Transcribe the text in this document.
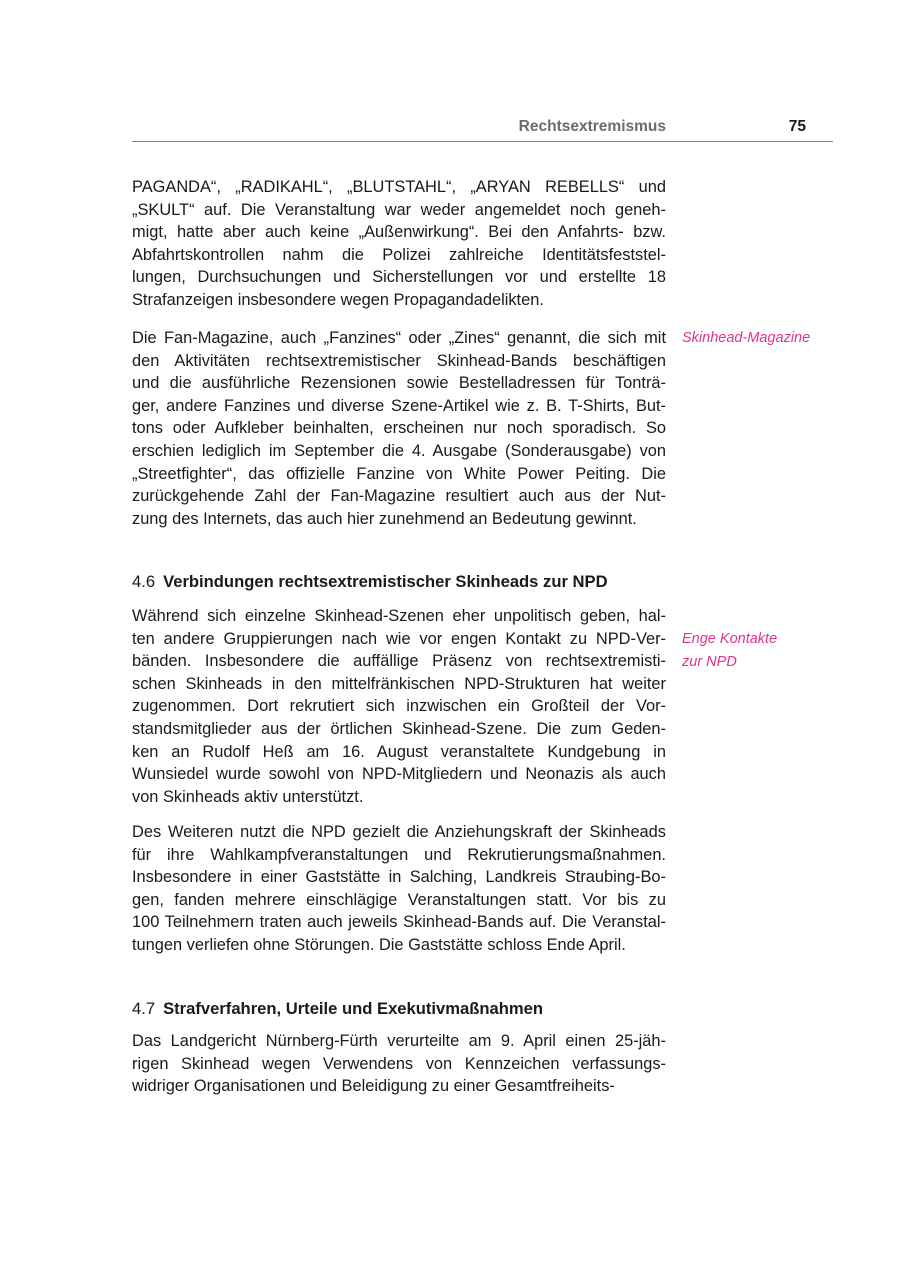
Rechtsextremismus	75
PAGANDA“, „RADIKAHL“, „BLUTSTAHL“, „ARYAN REBELLS“ und
„SKULT“ auf. Die Veranstaltung war weder angemeldet noch geneh-
migt, hatte aber auch keine „Außenwirkung“. Bei den Anfahrts- bzw.
Abfahrtskontrollen nahm die Polizei zahlreiche Identitätsfeststel-
lungen, Durchsuchungen und Sicherstellungen vor und erstellte 18
Strafanzeigen insbesondere wegen Propagandadelikten.
Die Fan-Magazine, auch „Fanzines“ oder „Zines“ genannt, die sich mit
den Aktivitäten rechtsextremistischer Skinhead-Bands beschäftigen
und die ausführliche Rezensionen sowie Bestelladressen für Tonträ-
ger, andere Fanzines und diverse Szene-Artikel wie z. B. T-Shirts, But-
tons oder Aufkleber beinhalten, erscheinen nur noch sporadisch. So
erschien lediglich im September die 4. Ausgabe (Sonderausgabe) von
„Streetfighter“, das offizielle Fanzine von White Power Peiting. Die
zurückgehende Zahl der Fan-Magazine resultiert auch aus der Nut-
zung des Internets, das auch hier zunehmend an Bedeutung gewinnt.
Skinhead-Magazine
4.6 Verbindungen rechtsextremistischer Skinheads zur NPD
Während sich einzelne Skinhead-Szenen eher unpolitisch geben, hal-
ten andere Gruppierungen nach wie vor engen Kontakt zu NPD-Ver-
bänden. Insbesondere die auffällige Präsenz von rechtsextremisti-
schen Skinheads in den mittelfränkischen NPD-Strukturen hat weiter
zugenommen. Dort rekrutiert sich inzwischen ein Großteil der Vor-
standsmitglieder aus der örtlichen Skinhead-Szene. Die zum Geden-
ken an Rudolf Heß am 16. August veranstaltete Kundgebung in
Wunsiedel wurde sowohl von NPD-Mitgliedern und Neonazis als auch
von Skinheads aktiv unterstützt.
Enge Kontakte
zur NPD
Des Weiteren nutzt die NPD gezielt die Anziehungskraft der Skinheads
für ihre Wahlkampfveranstaltungen und Rekrutierungsmaßnahmen.
Insbesondere in einer Gaststätte in Salching, Landkreis Straubing-Bo-
gen, fanden mehrere einschlägige Veranstaltungen statt. Vor bis zu
100 Teilnehmern traten auch jeweils Skinhead-Bands auf. Die Veranstal-
tungen verliefen ohne Störungen. Die Gaststätte schloss Ende April.
4.7 Strafverfahren, Urteile und Exekutivmaßnahmen
Das Landgericht Nürnberg-Fürth verurteilte am 9. April einen 25-jäh-
rigen Skinhead wegen Verwendens von Kennzeichen verfassungs-
widriger Organisationen und Beleidigung zu einer Gesamtfreiheits-
